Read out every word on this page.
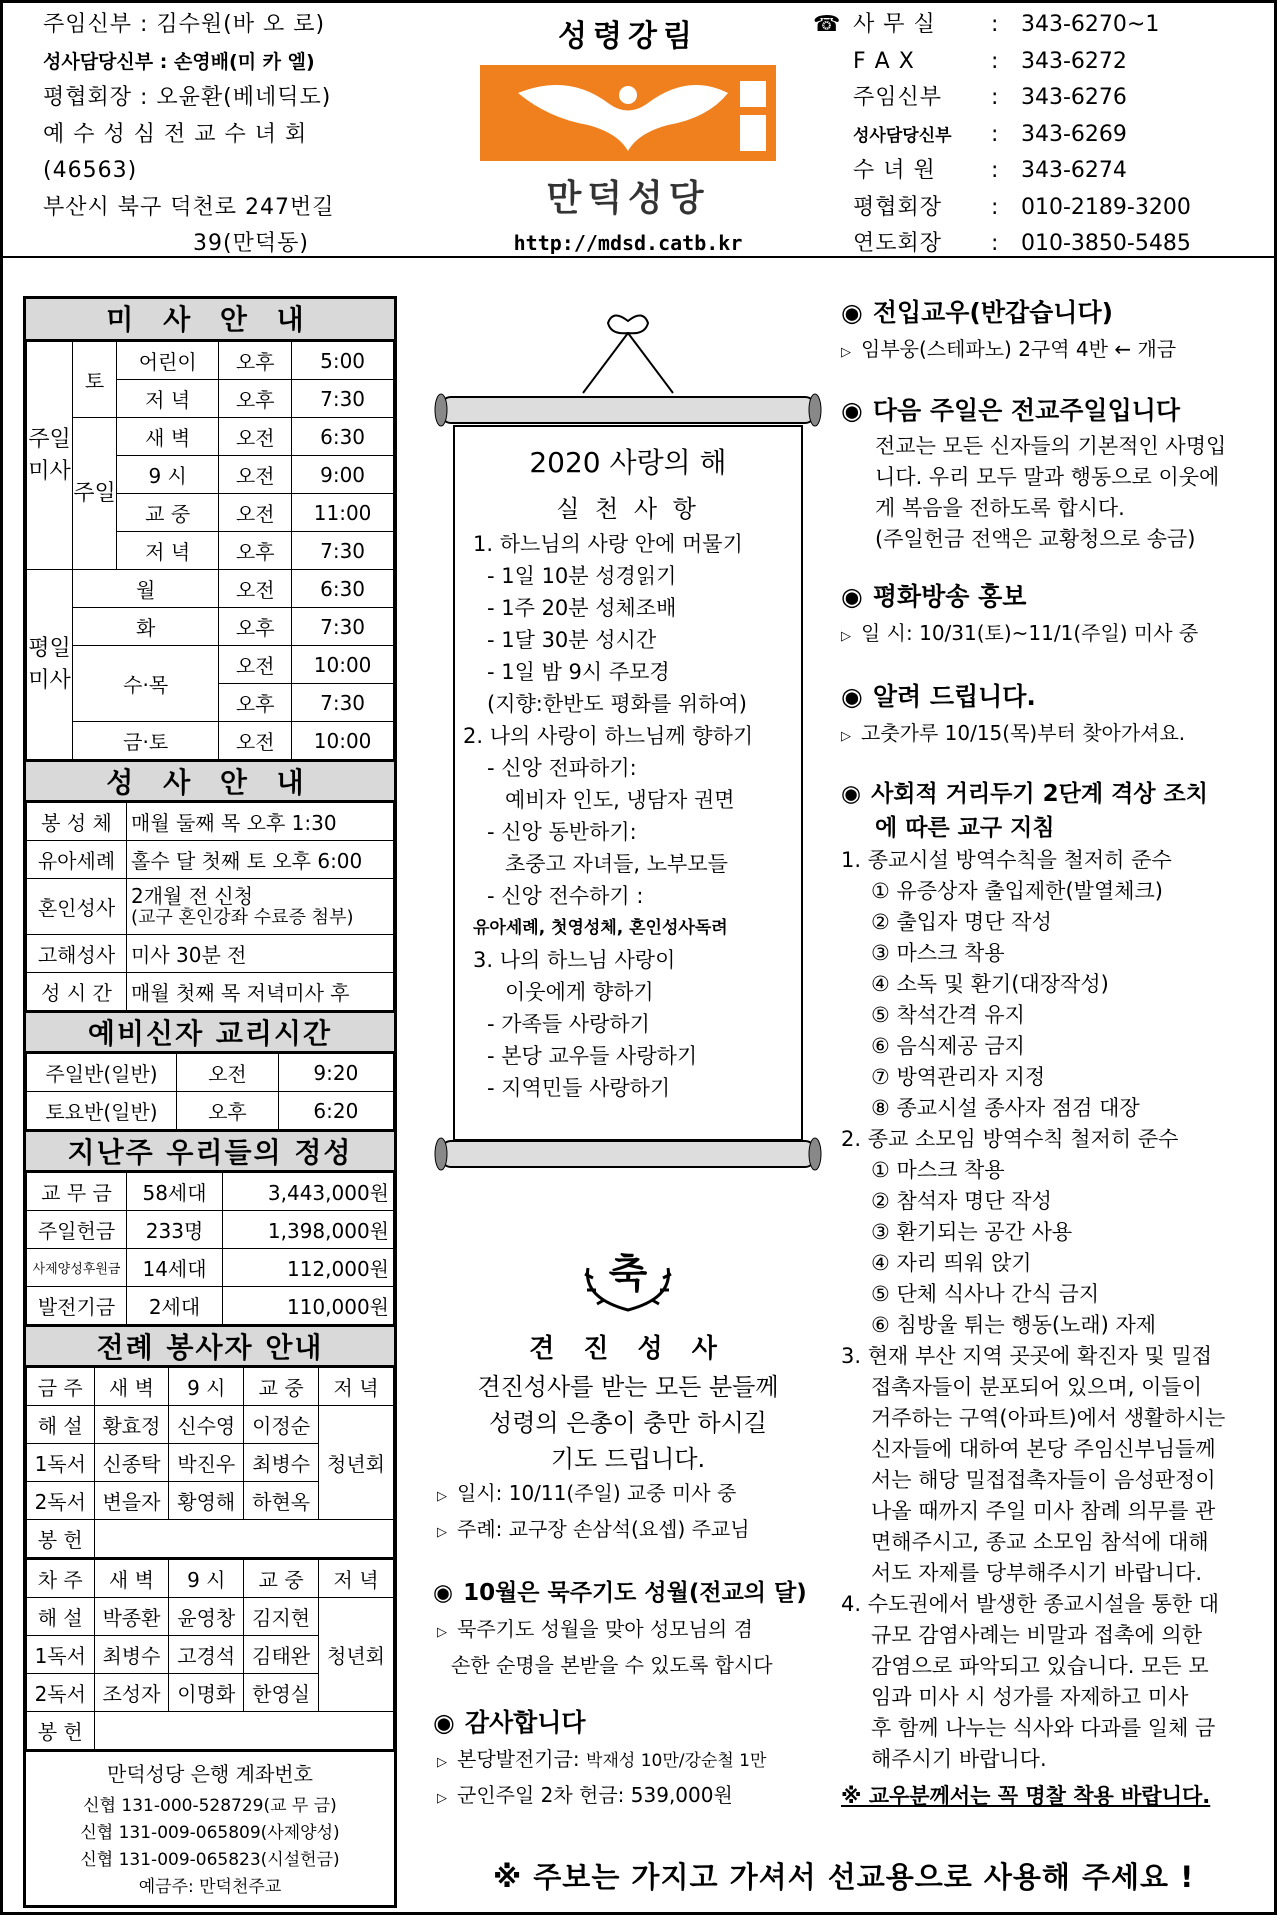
주임신부 : 김수원(바 오 로)
성사담당신부 : 손영배(미 카 엘)
평협회장 : 오윤환(베네딕도)
예 수 성 심 전 교 수 녀 회
(46563)
부산시 북구 덕천로 247번길
39(만덕동)
성령강림
만덕성당
http://mdsd.catb.kr
☎ 사 무 실	: 343-6270~1
F A X	: 343-6272
주임신부 : 343-6276
성사담당신부 : 343-6269
수 녀 원	: 343-6274
평협회장 : 010-2189-3200
연도회장 : 010-3850-5485
미 사 안 내
주일미사	토	어린이	오후	5:00
		저 녁	오후	7:30
	주일	새 벽	오전	6:30
		9 시	오전	9:00
		교 중	오전	11:00
		저 녁	오후	7:30
평일미사	월		오전	6:30
	화		오후	7:30
	수·목		오전	10:00
			오후	7:30
	금·토		오전	10:00
성 사 안 내
봉 성 체	매월 둘째 목 오후 1:30
유아세례	홀수 달 첫째 토 오후 6:00
혼인성사	2개월 전 신청
(교구 혼인강좌 수료증 첨부)

고해성사	미사 30분 전
성 시 간	매월 첫째 목 저녁미사 후
예비신자 교리시간
주일반(일반)	오전	9:20
토요반(일반)	오후	6:20
지난주 우리들의 정성
교 무 금	58세대	3,443,000원
주일헌금	233명	1,398,000원
사제양성후원금	14세대	112,000원
발전기금	2세대	110,000원
전례 봉사자 안내
금 주	새 벽	9 시	교 중	저 녁
해 설	황효정	신수영	이정순	청년회
1독서	신종탁	박진우	최병수	
2독서	변을자	황영해	하현옥	
봉 헌				
차 주	새 벽	9 시	교 중	저 녁
해 설	박종환	윤영창	김지현	청년회
1독서	최병수	고경석	김태완	
2독서	조성자	이명화	한영실	
봉 헌				
만덕성당 은행 계좌번호
신협 131-000-528729(교 무 금)
신협 131-009-065809(사제양성)
신협 131-009-065823(시설헌금)
예금주: 만덕천주교
2020 사랑의 해
실 천 사 항
1. 하느님의 사랑 안에 머물기
- 1일 10분 성경읽기
- 1주 20분 성체조배
- 1달 30분 성시간
- 1일 밤 9시 주모경
(지향:한반도 평화를 위하여)
2. 나의 사랑이 하느님께 향하기
- 신앙 전파하기:
예비자 인도, 냉담자 권면
- 신앙 동반하기:
초중고 자녀들, 노부모들
- 신앙 전수하기 :
유아세례, 첫영성체, 혼인성사독려
3. 나의 하느님 사랑이
이웃에게 향하기
- 가족들 사랑하기
- 본당 교우들 사랑하기
- 지역민들 사랑하기
축
견 진 성 사
견진성사를 받는 모든 분들께
성령의 은총이 충만 하시길
기도 드립니다.
▷ 일시: 10/11(주일) 교중 미사 중
▷ 주례: 교구장 손삼석(요셉) 주교님
◉ 10월은 묵주기도 성월(전교의 달)
▷ 묵주기도 성월을 맞아 성모님의 겸
손한 순명을 본받을 수 있도록 합시다
◉ 감사합니다
▷ 본당발전기금: 박재성 10만/강순철 1만
▷ 군인주일 2차 헌금: 539,000원
◉ 전입교우(반갑습니다)
▷ 임부웅(스테파노) 2구역 4반 ← 개금
◉ 다음 주일은 전교주일입니다
전교는 모든 신자들의 기본적인 사명입
니다. 우리 모두 말과 행동으로 이웃에
게 복음을 전하도록 합시다.
(주일헌금 전액은 교황청으로 송금)
◉ 평화방송 홍보
▷ 일 시: 10/31(토)~11/1(주일) 미사 중
◉ 알려 드립니다.
▷ 고춧가루 10/15(목)부터 찾아가셔요.
◉ 사회적 거리두기 2단계 격상 조치
에 따른 교구 지침
1. 종교시설 방역수칙을 철저히 준수
① 유증상자 출입제한(발열체크)
② 출입자 명단 작성
③ 마스크 착용
④ 소독 및 환기(대장작성)
⑤ 착석간격 유지
⑥ 음식제공 금지
⑦ 방역관리자 지정
⑧ 종교시설 종사자 점검 대장
2. 종교 소모임 방역수칙 철저히 준수
① 마스크 착용
② 참석자 명단 작성
③ 환기되는 공간 사용
④ 자리 띄워 앉기
⑤ 단체 식사나 간식 금지
⑥ 침방울 튀는 행동(노래) 자제
3. 현재 부산 지역 곳곳에 확진자 및 밀접
접촉자들이 분포되어 있으며, 이들이
거주하는 구역(아파트)에서 생활하시는
신자들에 대하여 본당 주임신부님들께
서는 해당 밀접접촉자들이 음성판정이
나올 때까지 주일 미사 참례 의무를 관
면해주시고, 종교 소모임 참석에 대해
서도 자제를 당부해주시기 바랍니다.
4. 수도권에서 발생한 종교시설을 통한 대
규모 감염사례는 비말과 접촉에 의한
감염으로 파악되고 있습니다. 모든 모
임과 미사 시 성가를 자제하고 미사
후 함께 나누는 식사와 다과를 일체 금
해주시기 바랍니다.
※ 교우분께서는 꼭 명찰 착용 바랍니다.
※ 주보는 가지고 가셔서 선교용으로 사용해 주세요 !
